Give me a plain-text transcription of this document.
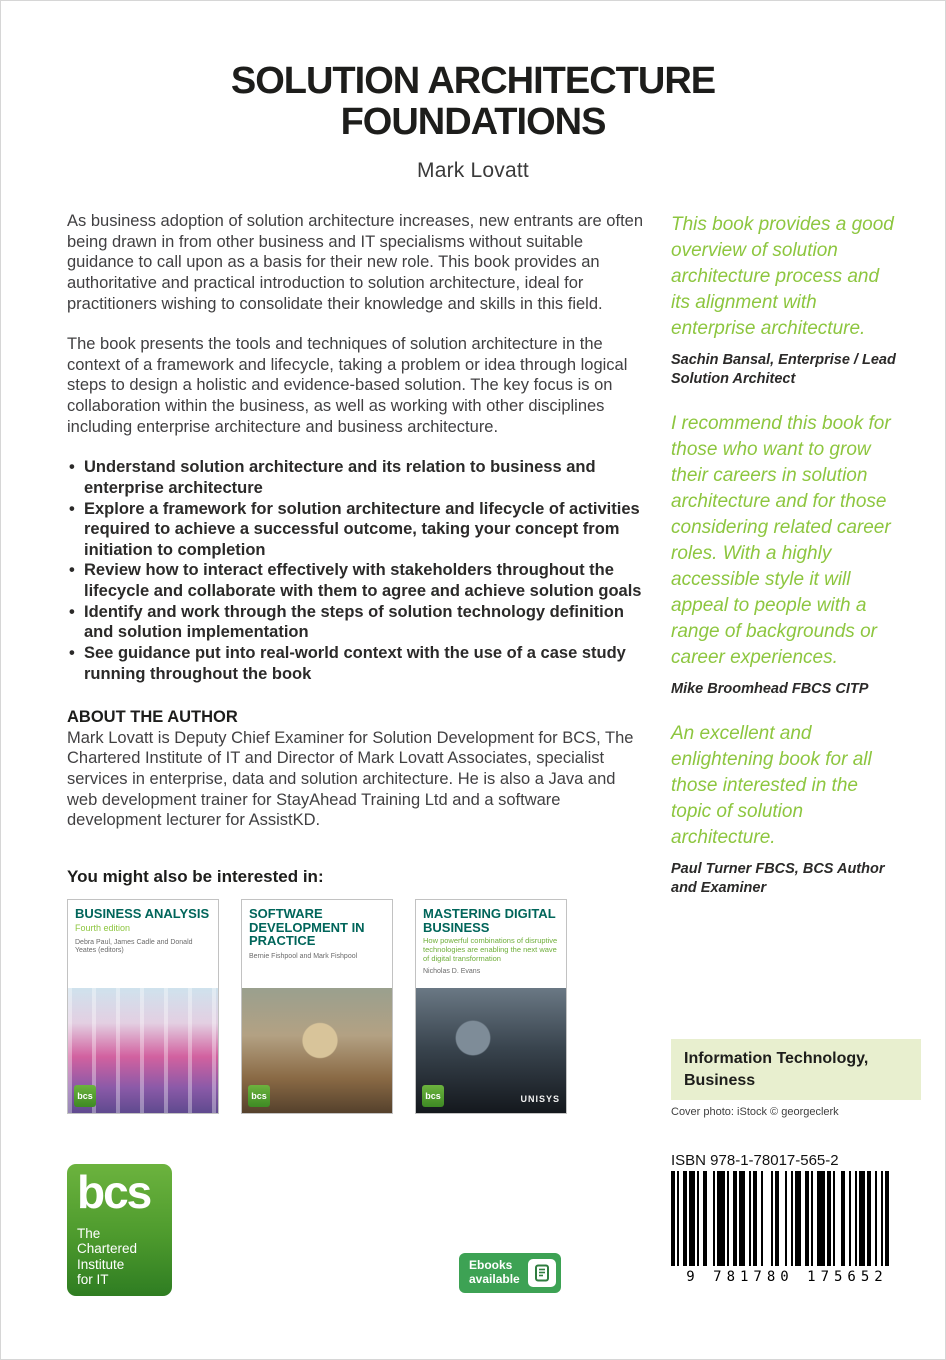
SOLUTION ARCHITECTURE FOUNDATIONS
Mark Lovatt

As business adoption of solution architecture increases, new entrants are often being drawn in from other business and IT specialisms without suitable guidance to call upon as a basis for their new role. This book provides an authoritative and practical introduction to solution architecture, ideal for practitioners wishing to consolidate their knowledge and skills in this field.

The book presents the tools and techniques of solution architecture in the context of a framework and lifecycle, taking a problem or idea through logical steps to design a holistic and evidence-based solution. The key focus is on collaboration within the business, as well as working with other disciplines including enterprise architecture and business architecture.

• Understand solution architecture and its relation to business and enterprise architecture
• Explore a framework for solution architecture and lifecycle of activities required to achieve a successful outcome, taking your concept from initiation to completion
• Review how to interact effectively with stakeholders throughout the lifecycle and collaborate with them to agree and achieve solution goals
• Identify and work through the steps of solution technology definition and solution implementation
• See guidance put into real-world context with the use of a case study running throughout the book
ABOUT THE AUTHOR

Mark Lovatt is Deputy Chief Examiner for Solution Development for BCS, The Chartered Institute of IT and Director of Mark Lovatt Associates, specialist services in enterprise, data and solution architecture. He is also a Java and web development trainer for StayAhead Training Ltd and a software development lecturer for AssistKD.

You might also be interested in:
BUSINESS ANALYSIS
Fourth edition
Debra Paul, James Cadle and Donald Yeates (editors)
bcs
SOFTWARE DEVELOPMENT IN PRACTICE
Bernie Fishpool and Mark Fishpool
bcs
MASTERING DIGITAL BUSINESS
How powerful combinations of disruptive technologies are enabling the next wave of digital transformation
Nicholas D. Evans
bcs	UNISYS
This book provides a good overview of solution architecture process and its alignment with enterprise architecture.
Sachin Bansal, Enterprise / Lead Solution Architect
I recommend this book for those who want to grow their careers in solution architecture and for those considering related career roles. With a highly accessible style it will appeal to people with a range of backgrounds or career experiences.
Mike Broomhead FBCS CITP
An excellent and enlightening book for all those interested in the topic of solution architecture.
Paul Turner FBCS, BCS Author and Examiner
Information Technology, Business
Cover photo: iStock © georgeclerk
ISBN 978-1-78017-565-2
9 781780 175652
bcs
The
Chartered
Institute
for IT
Ebooks
available
